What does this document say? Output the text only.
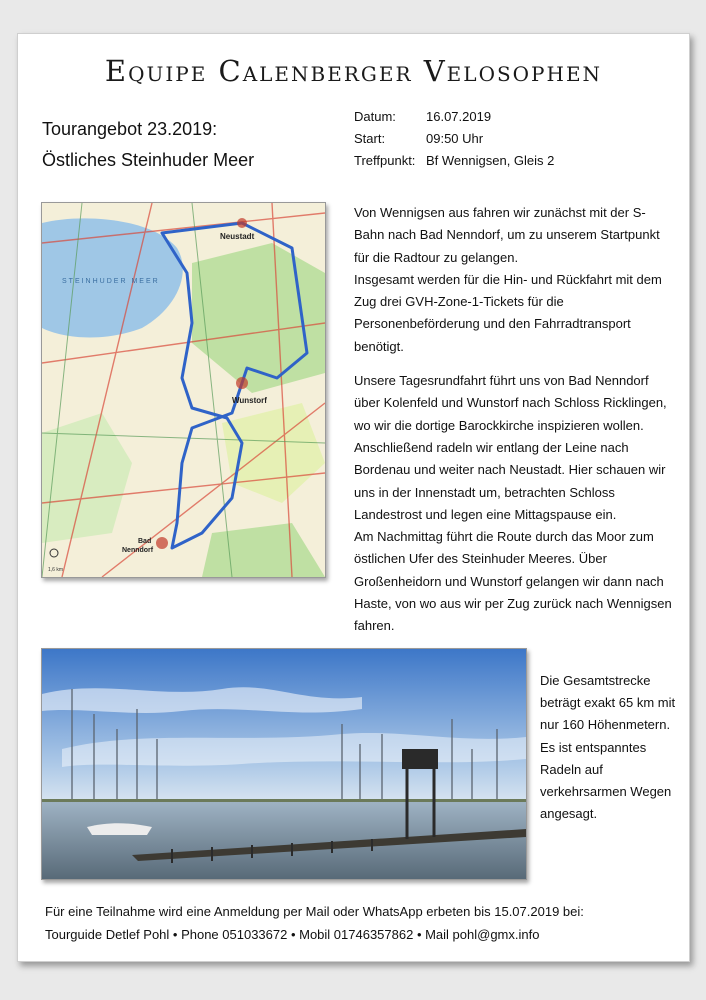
Equipe Calenberger Velosophen
Tourangebot 23.2019:
Östliches Steinhuder Meer
Datum:	16.07.2019
Start:	09:50 Uhr
Treffpunkt: Bf Wennigsen, Gleis 2
STEINHUDER MEER
Neustadt
Wunstorf
Bad
Nenndorf
1,6 km

Von Wennigsen aus fahren wir zunächst mit der S-Bahn nach Bad Nenndorf, um zu unserem Startpunkt für die Radtour zu gelangen.
Insgesamt werden für die Hin- und Rückfahrt mit dem Zug drei GVH-Zone-1-Tickets für die Personenbeförderung und den Fahrradtransport benötigt.

Unsere Tagesrundfahrt führt uns von Bad Nenndorf über Kolenfeld und Wunstorf nach Schloss Ricklingen, wo wir die dortige Barockkirche inspizieren wollen. Anschließend radeln wir entlang der Leine nach Bordenau und weiter nach Neustadt. Hier schauen wir uns in der Innenstadt um, betrachten Schloss Landestrost und legen eine Mittagspause ein.
Am Nachmittag führt die Route durch das Moor zum östlichen Ufer des Steinhuder Meeres. Über Großenheidorn und Wunstorf gelangen wir dann nach Haste, von wo aus wir per Zug zurück nach Wennigsen fahren.

Die Gesamtstrecke beträgt exakt 65 km mit nur 160 Höhenmetern. Es ist entspanntes Radeln auf verkehrsarmen Wegen angesagt.
Für eine Teilnahme wird eine Anmeldung per Mail oder WhatsApp erbeten bis 15.07.2019 bei:
Tourguide Detlef Pohl • Phone 051033672 • Mobil 01746357862 • Mail pohl@gmx.info
